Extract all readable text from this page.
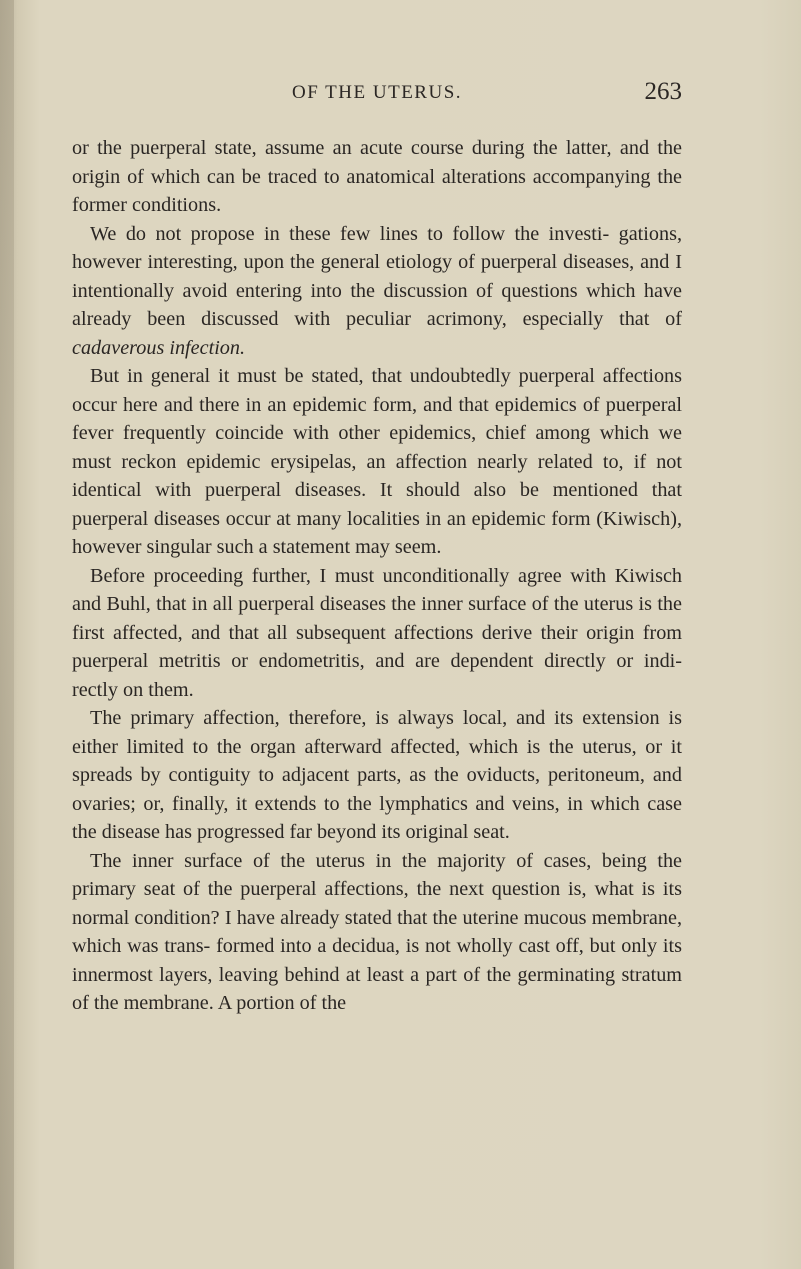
OF THE UTERUS.	263

or the puerperal state, assume an acute course during the latter, and the origin of which can be traced to anatomical alterations accompanying the former conditions.

We do not propose in these few lines to follow the investi- gations, however interesting, upon the general etiology of puerperal diseases, and I intentionally avoid entering into the discussion of questions which have already been discussed with peculiar acrimony, especially that of cadaverous infection.

But in general it must be stated, that undoubtedly puerperal affections occur here and there in an epidemic form, and that epidemics of puerperal fever frequently coincide with other epidemics, chief among which we must reckon epidemic erysipelas, an affection nearly related to, if not identical with puerperal diseases. It should also be mentioned that puerperal diseases occur at many localities in an epidemic form (Kiwisch), however singular such a statement may seem.

Before proceeding further, I must unconditionally agree with Kiwisch and Buhl, that in all puerperal diseases the inner surface of the uterus is the first affected, and that all subsequent affections derive their origin from puerperal metritis or endometritis, and are dependent directly or indi- rectly on them.

The primary affection, therefore, is always local, and its extension is either limited to the organ afterward affected, which is the uterus, or it spreads by contiguity to adjacent parts, as the oviducts, peritoneum, and ovaries; or, finally, it extends to the lymphatics and veins, in which case the disease has progressed far beyond its original seat.

The inner surface of the uterus in the majority of cases, being the primary seat of the puerperal affections, the next question is, what is its normal condition? I have already stated that the uterine mucous membrane, which was trans- formed into a decidua, is not wholly cast off, but only its innermost layers, leaving behind at least a part of the germinating stratum of the membrane. A portion of the
